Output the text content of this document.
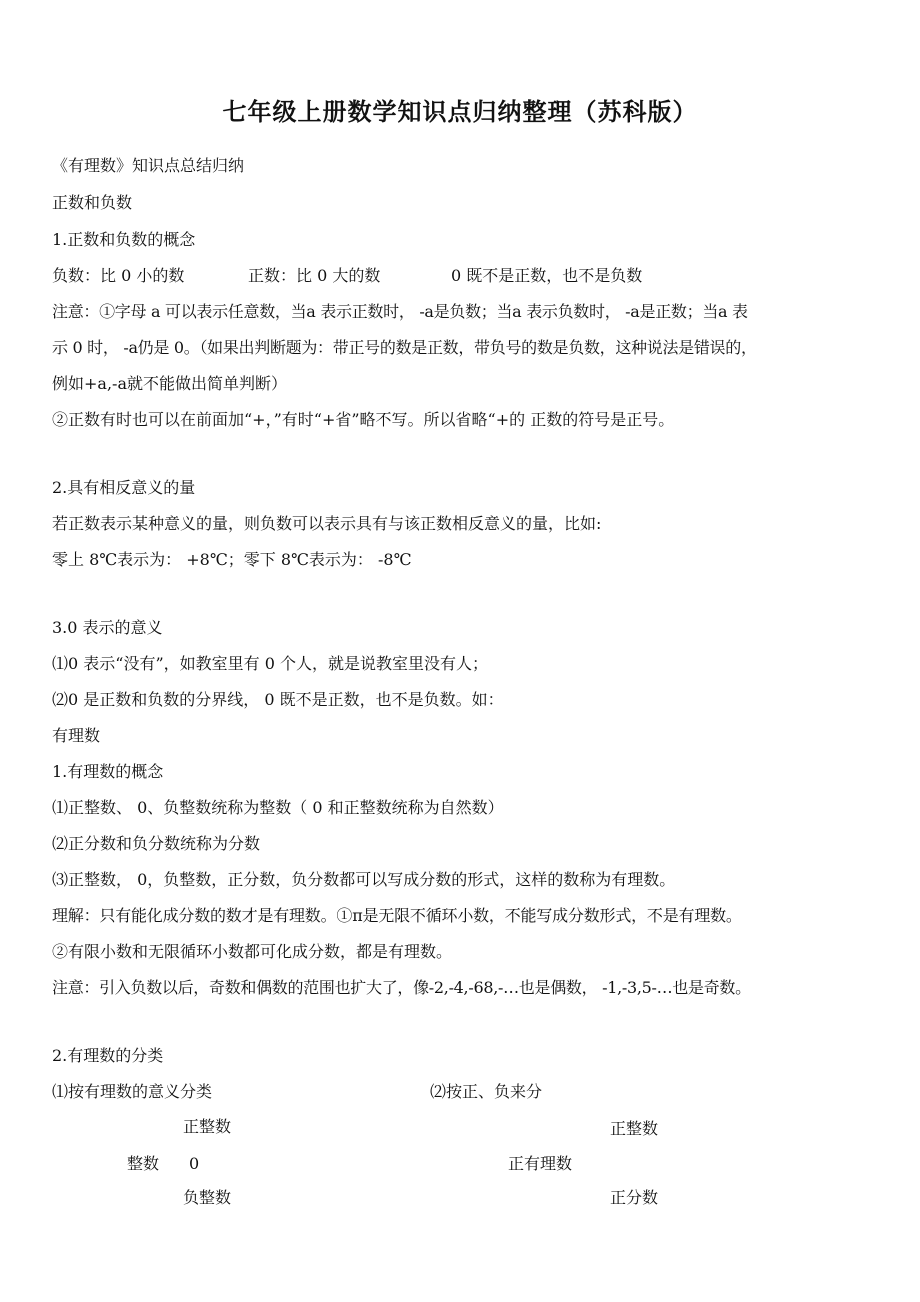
七年级上册数学知识点归纳整理（苏科版）
《有理数》知识点总结归纳
正数和负数
1.正数和负数的概念
负数：比 0 小的数	正数：比 0 大的数	0 既不是正数，也不是负数
注意：①字母 a 可以表示任意数，当a 表示正数时， -a是负数；当a 表示负数时， -a是正数；当a 表
示 0 时， -a仍是 0。（如果出判断题为：带正号的数是正数，带负号的数是负数，这种说法是错误的，
例如+a,-a就不能做出简单判断）
②正数有时也可以在前面加“+，”有时“+省”略不写。所以省略“+的 正数的符号是正号。
2.具有相反意义的量
若正数表示某种意义的量，则负数可以表示具有与该正数相反意义的量，比如:
零上 8℃表示为： +8℃；零下 8℃表示为： -8℃
3.0 表示的意义
⑴0 表示“没有”，如教室里有 0 个人，就是说教室里没有人；
⑵0 是正数和负数的分界线， 0 既不是正数，也不是负数。如：
有理数
1.有理数的概念
⑴正整数、 0、负整数统称为整数（ 0 和正整数统称为自然数）
⑵正分数和负分数统称为分数
⑶正整数， 0，负整数，正分数，负分数都可以写成分数的形式，这样的数称为有理数。
理解：只有能化成分数的数才是有理数。①π是无限不循环小数，不能写成分数形式，不是有理数。
②有限小数和无限循环小数都可化成分数，都是有理数。
注意：引入负数以后，奇数和偶数的范围也扩大了，像-2,-4,-68,-…也是偶数， -1,-3,5-…也是奇数。
2.有理数的分类
⑴按有理数的意义分类	⑵按正、负来分
正整数	正整数
整数 0	正有理数
负整数	正分数
